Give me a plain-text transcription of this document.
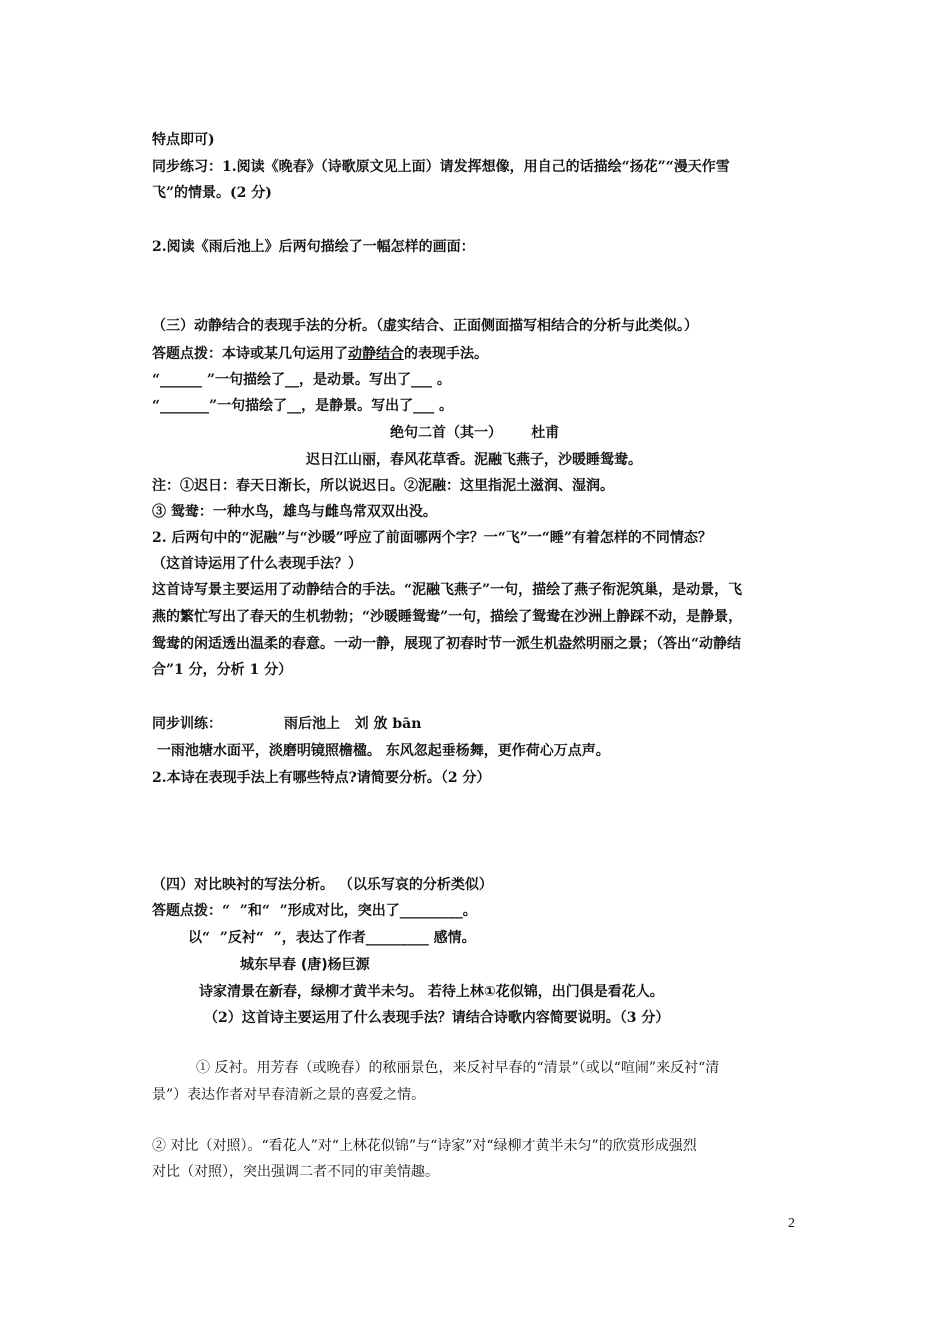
特点即可)
同步练习：1.阅读《晚春》（诗歌原文见上面）请发挥想像，用自己的话描绘“扬花”“漫天作雪
飞”的情景。(2 分)
2.阅读《雨后池上》后两句描绘了一幅怎样的画面：
（三）动静结合的表现手法的分析。（虚实结合、正面侧面描写相结合的分析与此类似。）
答题点拨：本诗或某几句运用了动静结合的表现手法。
“______ ”一句描绘了__，是动景。写出了___ 。
“_______”一句描绘了__，是静景。写出了___ 。
绝句二首（其一）      杜甫
迟日江山丽，春风花草香。泥融飞燕子，沙暖睡鸳鸯。
注：①迟日：春天日渐长，所以说迟日。②泥融：这里指泥土滋润、湿润。
③ 鸳鸯：一种水鸟，雄鸟与雌鸟常双双出没。
2. 后两句中的“泥融”与“沙暖”呼应了前面哪两个字？一“飞”一“睡”有着怎样的不同情态？
（这首诗运用了什么表现手法？）
这首诗写景主要运用了动静结合的手法。“泥融飞燕子”一句，描绘了燕子衔泥筑巢，是动景，飞
燕的繁忙写出了春天的生机勃勃；“沙暖睡鸳鸯”一句，描绘了鸳鸯在沙洲上静踩不动，是静景，
鸳鸯的闲适透出温柔的春意。一动一静，展现了初春时节一派生机盎然明丽之景；（答出“动静结
合”1 分，分析 1 分）
同步训练：	雨后池上   刘 攽 bān
一雨池塘水面平，淡磨明镜照檐楹。 东风忽起垂杨舞，更作荷心万点声。
2.本诗在表现手法上有哪些特点?请简要分析。（2 分）
（四）对比映衬的写法分析。 （以乐写哀的分析类似）
答题点拨：“  ”和“  ”形成对比，突出了_________。
以“  ”反衬“  ”，表达了作者_________ 感情。
城东早春 (唐)杨巨源
诗家清景在新春，绿柳才黄半未匀。 若待上林①花似锦，出门俱是看花人。
（2）这首诗主要运用了什么表现手法？请结合诗歌内容简要说明。（3 分）
① 反衬。用芳春（或晚春）的秾丽景色，来反衬早春的“清景”（或以“喧闹”来反衬“清
景”）表达作者对早春清新之景的喜爱之情。
② 对比（对照）。“看花人”对“上林花似锦”与“诗家”对“绿柳才黄半未匀”的欣赏形成强烈
对比（对照），突出强调二者不同的审美情趣。
2
